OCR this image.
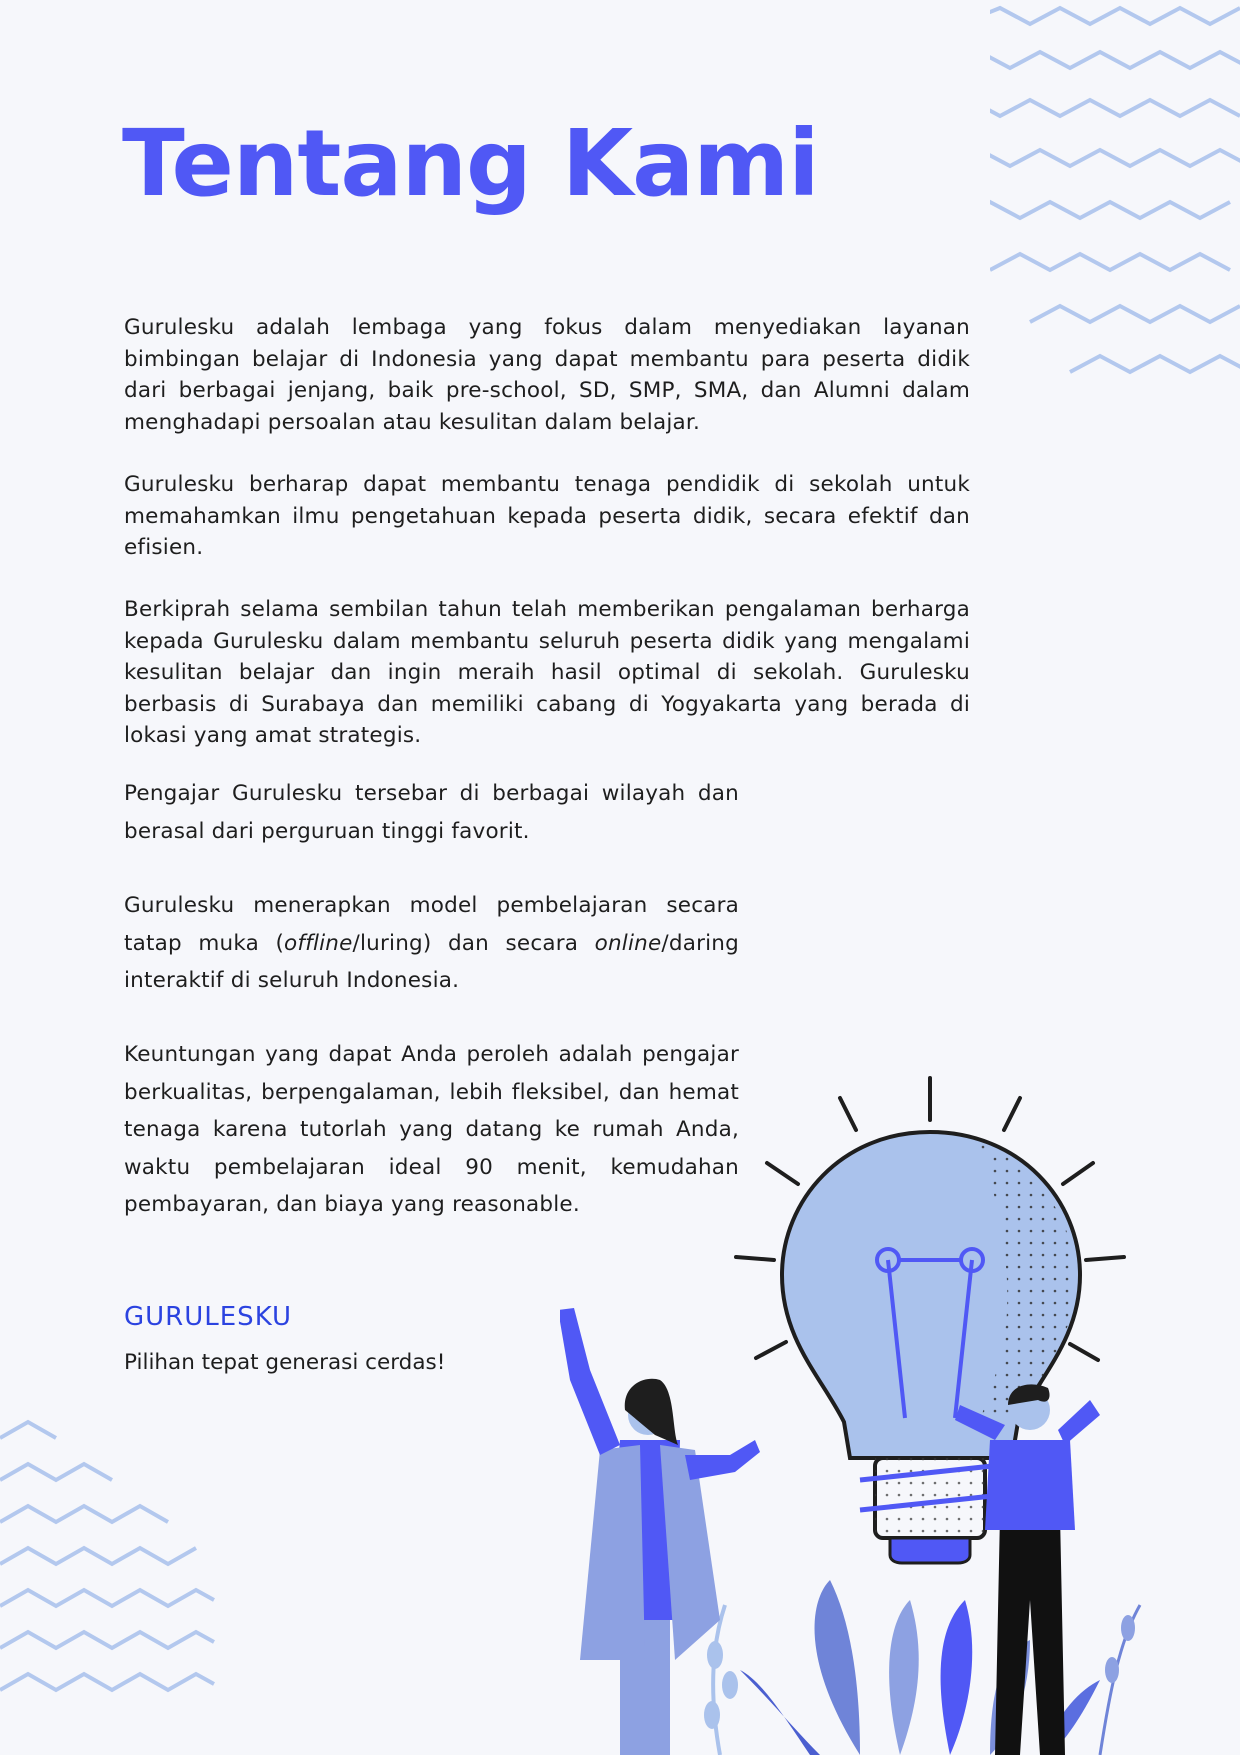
Tentang Kami

Gurulesku adalah lembaga yang fokus dalam menyediakan layanan bimbingan belajar di Indonesia yang dapat membantu para peserta didik dari berbagai jenjang, baik pre-school, SD, SMP, SMA, dan Alumni dalam menghadapi persoalan atau kesulitan dalam belajar.

Gurulesku berharap dapat membantu tenaga pendidik di sekolah untuk memahamkan ilmu pengetahuan kepada peserta didik, secara efektif dan efisien.

Berkiprah selama sembilan tahun telah memberikan pengalaman berharga kepada Gurulesku dalam membantu seluruh peserta didik yang mengalami kesulitan belajar dan ingin meraih hasil optimal di sekolah. Gurulesku berbasis di Surabaya dan memiliki cabang di Yogyakarta yang berada di lokasi yang amat strategis.

Pengajar Gurulesku tersebar di berbagai wilayah dan berasal dari perguruan tinggi favorit.

Gurulesku menerapkan model pembelajaran secara tatap muka (offline/luring) dan secara online/daring interaktif di seluruh Indonesia.

Keuntungan yang dapat Anda peroleh adalah pengajar berkualitas, berpengalaman, lebih fleksibel, dan hemat tenaga karena tutorlah yang datang ke rumah Anda, waktu pembelajaran ideal 90 menit, kemudahan pembayaran, dan biaya yang reasonable.

GURULESKU

Pilihan tepat generasi cerdas!
